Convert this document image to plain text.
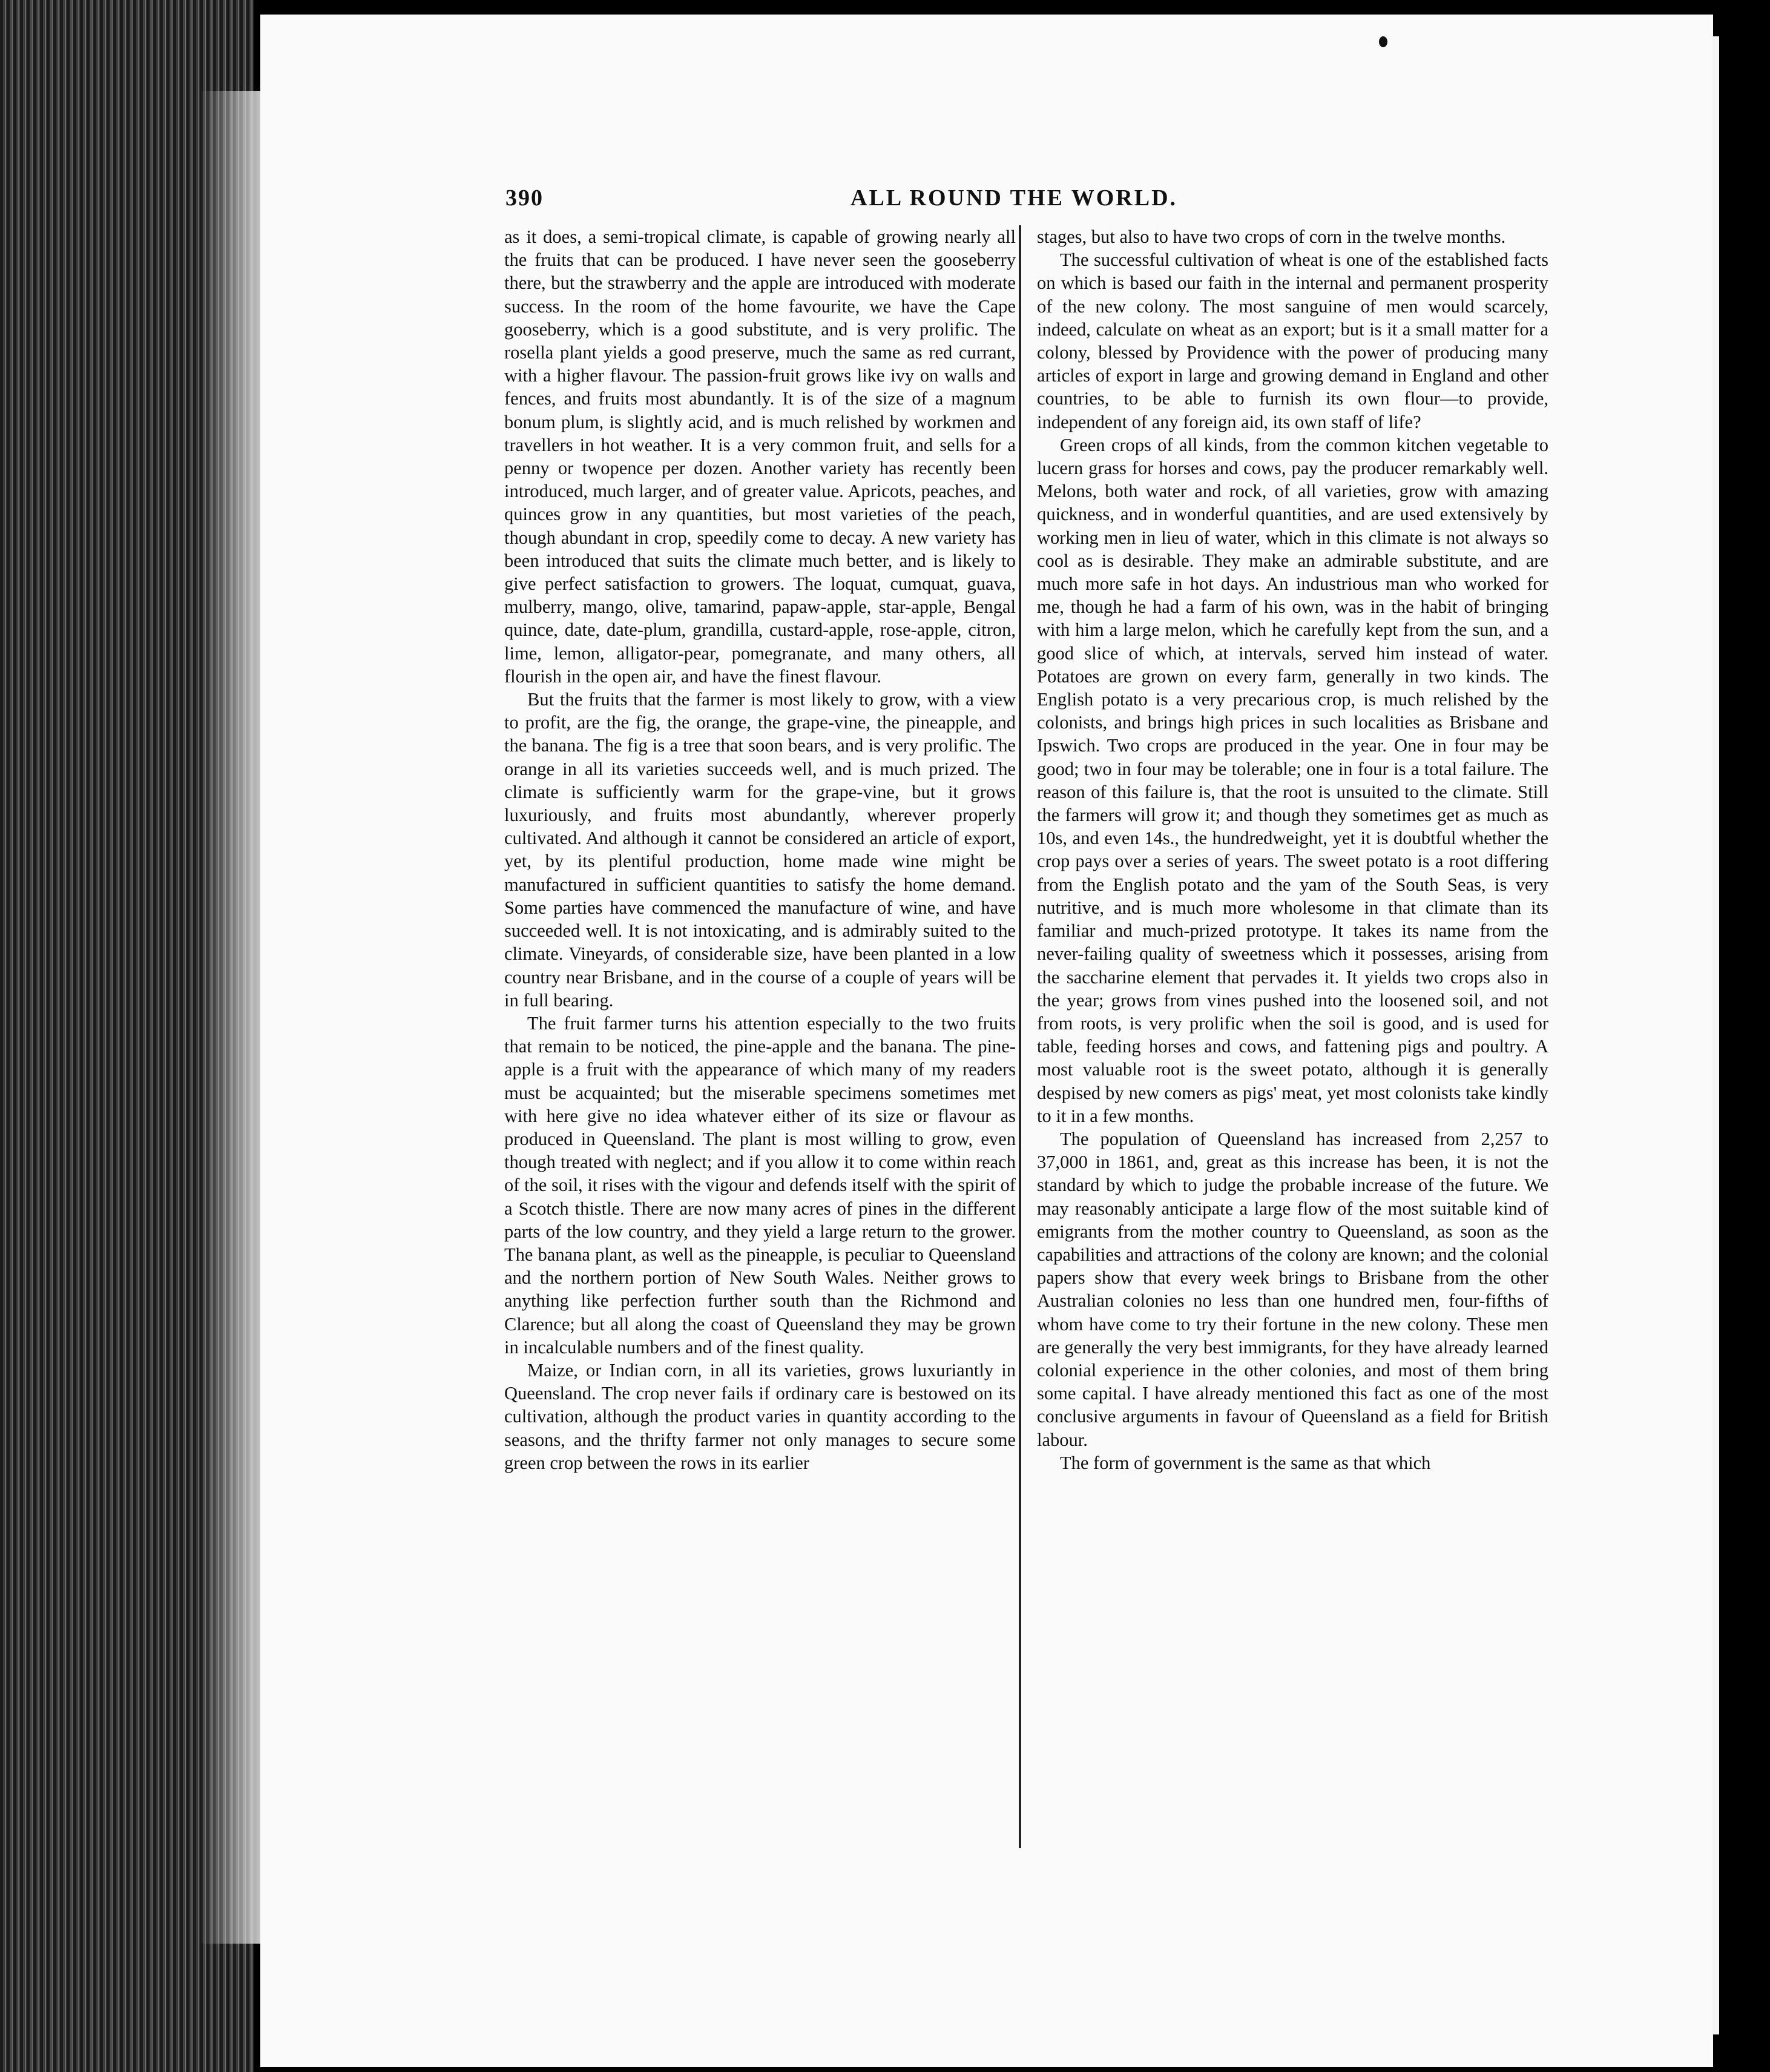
390	ALL ROUND THE WORLD.

as it does, a semi-tropical climate, is capable of growing nearly all the fruits that can be produced. I have never seen the gooseberry there, but the strawberry and the apple are introduced with moderate success. In the room of the home favourite, we have the Cape gooseberry, which is a good substitute, and is very prolific. The rosella plant yields a good preserve, much the same as red currant, with a higher flavour. The passion-fruit grows like ivy on walls and fences, and fruits most abundantly. It is of the size of a magnum bonum plum, is slightly acid, and is much relished by workmen and travellers in hot weather. It is a very common fruit, and sells for a penny or twopence per dozen. Another variety has recently been introduced, much larger, and of greater value. Apricots, peaches, and quinces grow in any quantities, but most varieties of the peach, though abundant in crop, speedily come to decay. A new variety has been introduced that suits the climate much better, and is likely to give perfect satisfaction to growers. The loquat, cumquat, guava, mulberry, mango, olive, tamarind, papaw-apple, star-apple, Bengal quince, date, date-plum, grandilla, custard-apple, rose-apple, citron, lime, lemon, alligator-pear, pomegranate, and many others, all flourish in the open air, and have the finest flavour.

But the fruits that the farmer is most likely to grow, with a view to profit, are the fig, the orange, the grape-vine, the pineapple, and the banana. The fig is a tree that soon bears, and is very prolific. The orange in all its varieties succeeds well, and is much prized. The climate is sufficiently warm for the grape-vine, but it grows luxuriously, and fruits most abundantly, wherever properly cultivated. And although it cannot be considered an article of export, yet, by its plentiful production, home made wine might be manufactured in sufficient quantities to satisfy the home demand. Some parties have commenced the manufacture of wine, and have succeeded well. It is not intoxicating, and is admirably suited to the climate. Vineyards, of considerable size, have been planted in a low country near Brisbane, and in the course of a couple of years will be in full bearing.

The fruit farmer turns his attention especially to the two fruits that remain to be noticed, the pine-apple and the banana. The pine-apple is a fruit with the appearance of which many of my readers must be acquainted; but the miserable specimens sometimes met with here give no idea whatever either of its size or flavour as produced in Queensland. The plant is most willing to grow, even though treated with neglect; and if you allow it to come within reach of the soil, it rises with the vigour and defends itself with the spirit of a Scotch thistle. There are now many acres of pines in the different parts of the low country, and they yield a large return to the grower. The banana plant, as well as the pineapple, is peculiar to Queensland and the northern portion of New South Wales. Neither grows to anything like perfection further south than the Richmond and Clarence; but all along the coast of Queensland they may be grown in incalculable numbers and of the finest quality.

Maize, or Indian corn, in all its varieties, grows luxuriantly in Queensland. The crop never fails if ordinary care is bestowed on its cultivation, although the product varies in quantity according to the seasons, and the thrifty farmer not only manages to secure some green crop between the rows in its earlier

stages, but also to have two crops of corn in the twelve months.

The successful cultivation of wheat is one of the established facts on which is based our faith in the internal and permanent prosperity of the new colony. The most sanguine of men would scarcely, indeed, calculate on wheat as an export; but is it a small matter for a colony, blessed by Providence with the power of producing many articles of export in large and growing demand in England and other countries, to be able to furnish its own flour—to provide, independent of any foreign aid, its own staff of life?

Green crops of all kinds, from the common kitchen vegetable to lucern grass for horses and cows, pay the producer remarkably well. Melons, both water and rock, of all varieties, grow with amazing quickness, and in wonderful quantities, and are used extensively by working men in lieu of water, which in this climate is not always so cool as is desirable. They make an admirable substitute, and are much more safe in hot days. An industrious man who worked for me, though he had a farm of his own, was in the habit of bringing with him a large melon, which he carefully kept from the sun, and a good slice of which, at intervals, served him instead of water. Potatoes are grown on every farm, generally in two kinds. The English potato is a very precarious crop, is much relished by the colonists, and brings high prices in such localities as Brisbane and Ipswich. Two crops are produced in the year. One in four may be good; two in four may be tolerable; one in four is a total failure. The reason of this failure is, that the root is unsuited to the climate. Still the farmers will grow it; and though they sometimes get as much as 10s, and even 14s., the hundredweight, yet it is doubtful whether the crop pays over a series of years. The sweet potato is a root differing from the English potato and the yam of the South Seas, is very nutritive, and is much more wholesome in that climate than its familiar and much-prized prototype. It takes its name from the never-failing quality of sweetness which it possesses, arising from the saccharine element that pervades it. It yields two crops also in the year; grows from vines pushed into the loosened soil, and not from roots, is very prolific when the soil is good, and is used for table, feeding horses and cows, and fattening pigs and poultry. A most valuable root is the sweet potato, although it is generally despised by new comers as pigs' meat, yet most colonists take kindly to it in a few months.

The population of Queensland has increased from 2,257 to 37,000 in 1861, and, great as this increase has been, it is not the standard by which to judge the probable increase of the future. We may reasonably anticipate a large flow of the most suitable kind of emigrants from the mother country to Queensland, as soon as the capabilities and attractions of the colony are known; and the colonial papers show that every week brings to Brisbane from the other Australian colonies no less than one hundred men, four-fifths of whom have come to try their fortune in the new colony. These men are generally the very best immigrants, for they have already learned colonial experience in the other colonies, and most of them bring some capital. I have already mentioned this fact as one of the most conclusive arguments in favour of Queensland as a field for British labour.

The form of government is the same as that which
